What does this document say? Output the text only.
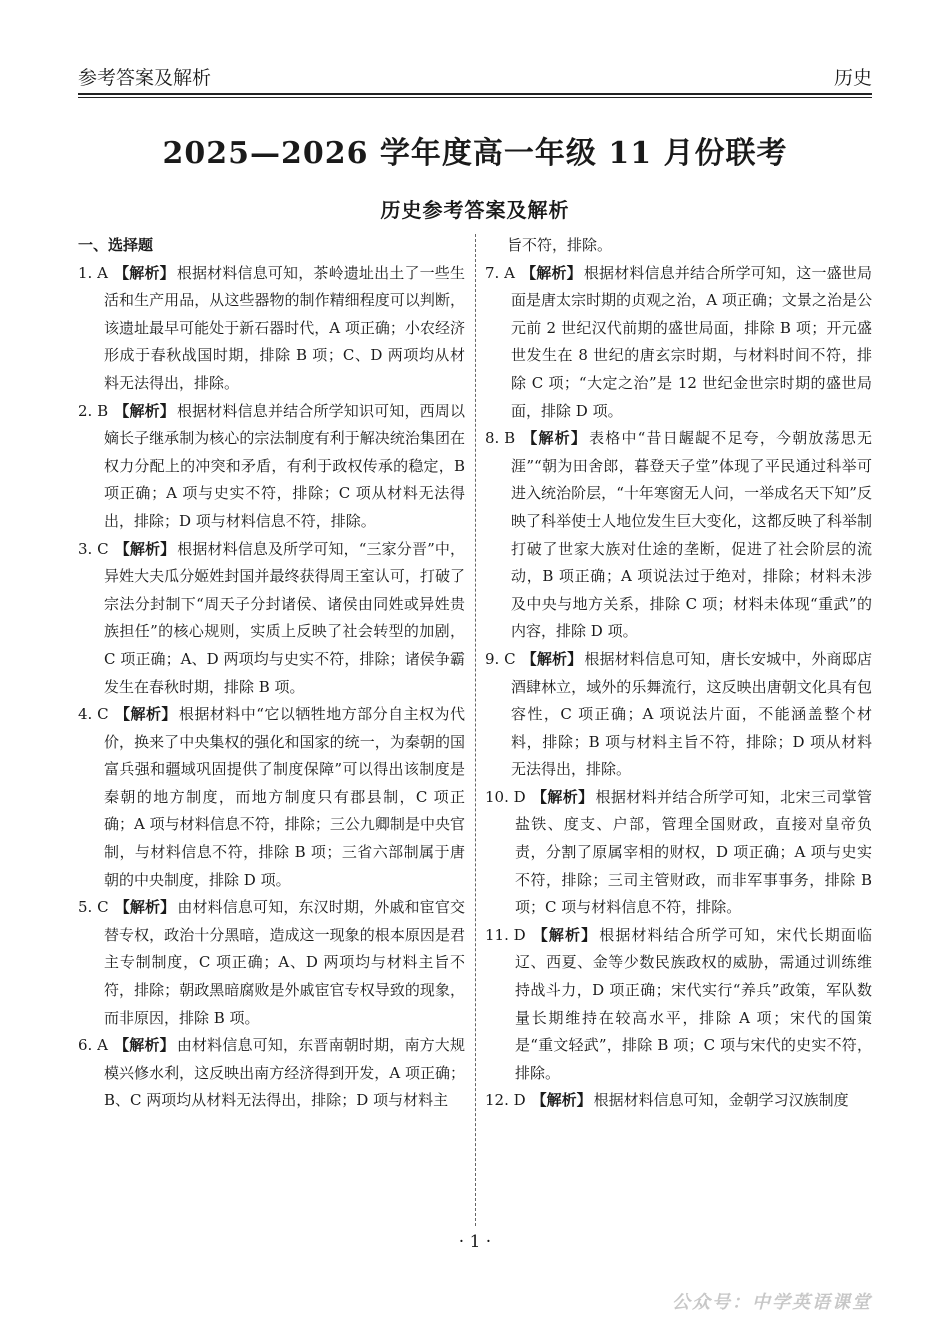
参考答案及解析	历史
2025—2026 学年度高一年级 11 月份联考
历史参考答案及解析
一、选择题
1. A 【解析】 根据材料信息可知，茶岭遗址出土了一些生活和生产用品，从这些器物的制作精细程度可以判断，该遗址最早可能处于新石器时代，A 项正确；小农经济形成于春秋战国时期，排除 B 项；C、D 两项均从材料无法得出，排除。
2. B 【解析】 根据材料信息并结合所学知识可知，西周以嫡长子继承制为核心的宗法制度有利于解决统治集团在权力分配上的冲突和矛盾，有利于政权传承的稳定，B 项正确；A 项与史实不符，排除；C 项从材料无法得出，排除；D 项与材料信息不符，排除。
3. C 【解析】 根据材料信息及所学可知，“三家分晋”中，异姓大夫瓜分姬姓封国并最终获得周王室认可，打破了宗法分封制下“周天子分封诸侯、诸侯由同姓或异姓贵族担任”的核心规则，实质上反映了社会转型的加剧，C 项正确；A、D 两项均与史实不符，排除；诸侯争霸发生在春秋时期，排除 B 项。
4. C 【解析】 根据材料中“它以牺牲地方部分自主权为代价，换来了中央集权的强化和国家的统一，为秦朝的国富兵强和疆域巩固提供了制度保障”可以得出该制度是秦朝的地方制度，而地方制度只有郡县制，C 项正确；A 项与材料信息不符，排除；三公九卿制是中央官制，与材料信息不符，排除 B 项；三省六部制属于唐朝的中央制度，排除 D 项。
5. C 【解析】 由材料信息可知，东汉时期，外戚和宦官交替专权，政治十分黑暗，造成这一现象的根本原因是君主专制制度，C 项正确；A、D 两项均与材料主旨不符，排除；朝政黑暗腐败是外戚宦官专权导致的现象，而非原因，排除 B 项。
6. A 【解析】 由材料信息可知，东晋南朝时期，南方大规模兴修水利，这反映出南方经济得到开发，A 项正确；B、C 两项均从材料无法得出，排除；D 项与材料主
旨不符，排除。
7. A 【解析】 根据材料信息并结合所学可知，这一盛世局面是唐太宗时期的贞观之治，A 项正确；文景之治是公元前 2 世纪汉代前期的盛世局面，排除 B 项；开元盛世发生在 8 世纪的唐玄宗时期，与材料时间不符，排除 C 项；“大定之治”是 12 世纪金世宗时期的盛世局面，排除 D 项。
8. B 【解析】 表格中“昔日龌龊不足夸，今朝放荡思无涯”“朝为田舍郎，暮登天子堂”体现了平民通过科举可进入统治阶层，“十年寒窗无人问，一举成名天下知”反映了科举使士人地位发生巨大变化，这都反映了科举制打破了世家大族对仕途的垄断，促进了社会阶层的流动，B 项正确；A 项说法过于绝对，排除；材料未涉及中央与地方关系，排除 C 项；材料未体现“重武”的内容，排除 D 项。
9. C 【解析】 根据材料信息可知，唐长安城中，外商邸店酒肆林立，域外的乐舞流行，这反映出唐朝文化具有包容性，C 项正确；A 项说法片面，不能涵盖整个材料，排除；B 项与材料主旨不符，排除；D 项从材料无法得出，排除。
10. D 【解析】 根据材料并结合所学可知，北宋三司掌管盐铁、度支、户部，管理全国财政，直接对皇帝负责，分割了原属宰相的财权，D 项正确；A 项与史实不符，排除；三司主管财政，而非军事事务，排除 B 项；C 项与材料信息不符，排除。
11. D 【解析】 根据材料结合所学可知，宋代长期面临辽、西夏、金等少数民族政权的威胁，需通过训练维持战斗力，D 项正确；宋代实行“养兵”政策，军队数量长期维持在较高水平，排除 A 项；宋代的国策是“重文轻武”，排除 B 项；C 项与宋代的史实不符，排除。
12. D 【解析】 根据材料信息可知，金朝学习汉族制度
· 1 ·
公众号：中学英语课堂
